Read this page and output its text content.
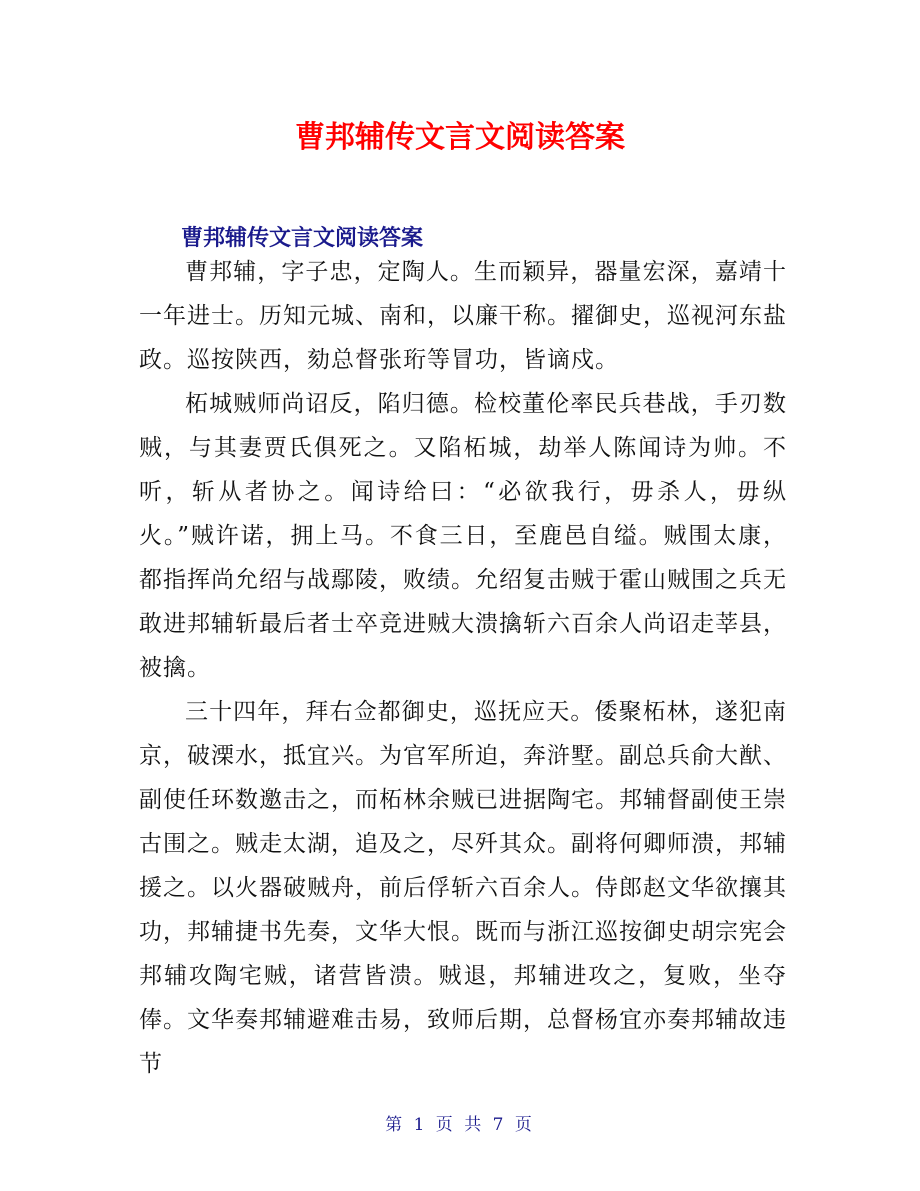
曹邦辅传文言文阅读答案
曹邦辅传文言文阅读答案

曹邦辅，字子忠，定陶人。生而颖异，器量宏深，嘉靖十一年进士。历知元城、南和，以廉干称。擢御史，巡视河东盐政。巡按陕西，劾总督张珩等冒功，皆谪戍。

柘城贼师尚诏反，陷归德。检校董伦率民兵巷战，手刃数贼，与其妻贾氏俱死之。又陷柘城，劫举人陈闻诗为帅。不听，斩从者协之。闻诗给曰：“必欲我行，毋杀人，毋纵火。”贼许诺，拥上马。不食三日，至鹿邑自缢。贼围太康，都指挥尚允绍与战鄢陵，败绩。允绍复击贼于霍山贼围之兵无敢进邦辅斩最后者士卒竞进贼大溃擒斩六百余人尚诏走莘县，被擒。

三十四年，拜右佥都御史，巡抚应天。倭聚柘林，遂犯南京，破溧水，抵宜兴。为官军所迫，奔浒墅。副总兵俞大猷、副使任环数邀击之，而柘林余贼已进据陶宅。邦辅督副使王崇古围之。贼走太湖，追及之，尽歼其众。副将何卿师溃，邦辅援之。以火器破贼舟，前后俘斩六百余人。侍郎赵文华欲攘其功，邦辅捷书先奏，文华大恨。既而与浙江巡按御史胡宗宪会邦辅攻陶宅贼，诸营皆溃。贼退，邦辅进攻之，复败，坐夺俸。文华奏邦辅避难击易，致师后期，总督杨宜亦奏邦辅故违节

第 1 页 共 7 页
